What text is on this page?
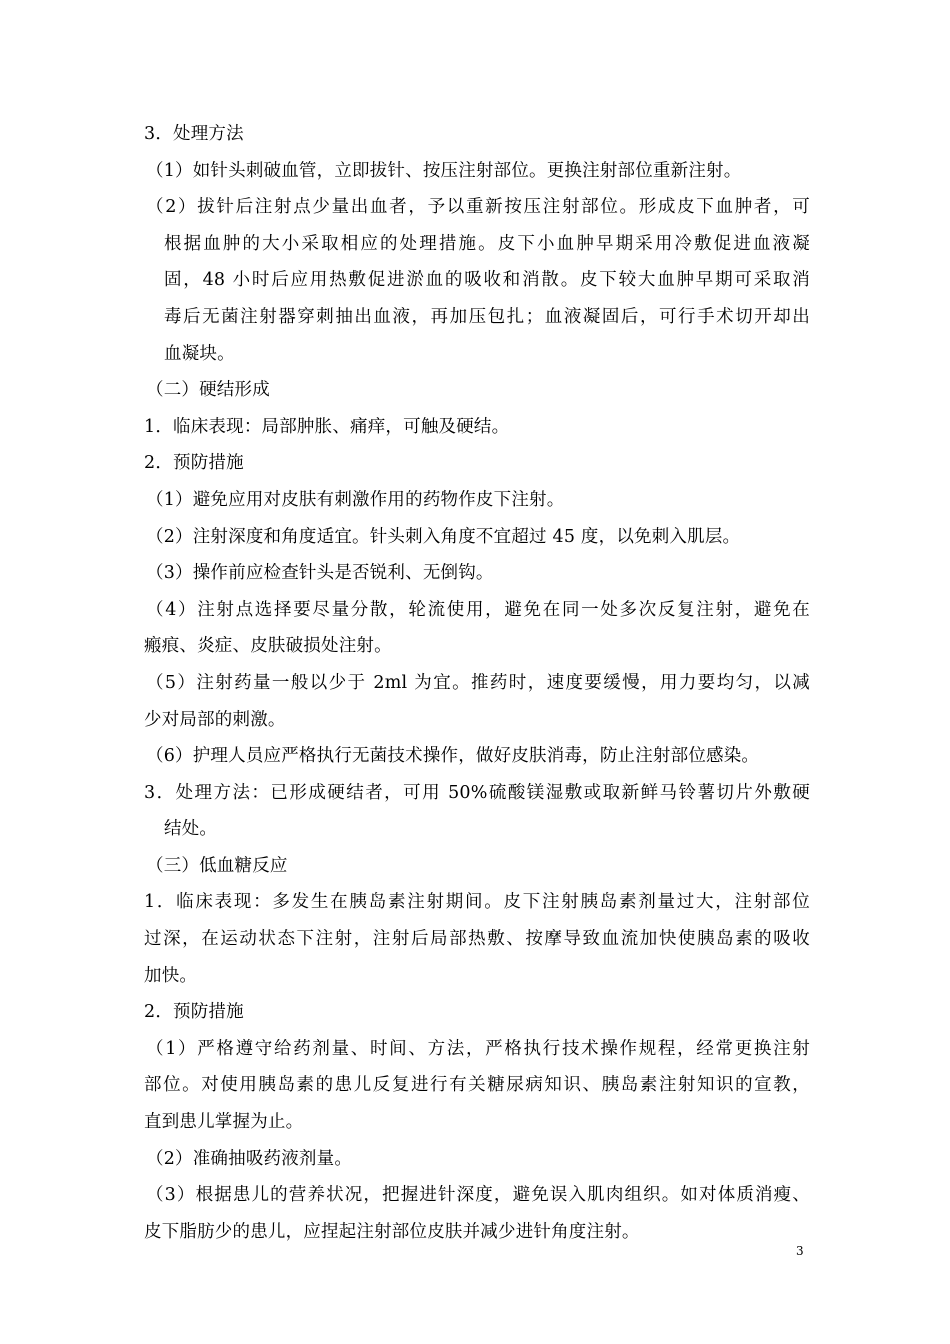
3．处理方法
（1）如针头刺破血管，立即拔针、按压注射部位。更换注射部位重新注射。
（2）拔针后注射点少量出血者，予以重新按压注射部位。形成皮下血肿者，可
根据血肿的大小采取相应的处理措施。皮下小血肿早期采用冷敷促进血液凝
固，48 小时后应用热敷促进淤血的吸收和消散。皮下较大血肿早期可采取消
毒后无菌注射器穿刺抽出血液，再加压包扎；血液凝固后，可行手术切开却出
血凝块。
（二）硬结形成
1．临床表现：局部肿胀、痛痒，可触及硬结。
2．预防措施
（1）避免应用对皮肤有刺激作用的药物作皮下注射。
（2）注射深度和角度适宜。针头刺入角度不宜超过 45 度，以免刺入肌层。
（3）操作前应检查针头是否锐利、无倒钩。
（4）注射点选择要尽量分散，轮流使用，避免在同一处多次反复注射，避免在
瘢痕、炎症、皮肤破损处注射。
（5）注射药量一般以少于 2ml 为宜。推药时，速度要缓慢，用力要均匀，以减
少对局部的刺激。
（6）护理人员应严格执行无菌技术操作，做好皮肤消毒，防止注射部位感染。
3．处理方法：已形成硬结者，可用 50%硫酸镁湿敷或取新鲜马铃薯切片外敷硬
结处。
（三）低血糖反应
1．临床表现：多发生在胰岛素注射期间。皮下注射胰岛素剂量过大，注射部位
过深，在运动状态下注射，注射后局部热敷、按摩导致血流加快使胰岛素的吸收
加快。
2．预防措施
（1）严格遵守给药剂量、时间、方法，严格执行技术操作规程，经常更换注射
部位。对使用胰岛素的患儿反复进行有关糖尿病知识、胰岛素注射知识的宣教，
直到患儿掌握为止。
（2）准确抽吸药液剂量。
（3）根据患儿的营养状况，把握进针深度，避免误入肌肉组织。如对体质消瘦、
皮下脂肪少的患儿，应捏起注射部位皮肤并减少进针角度注射。
3
